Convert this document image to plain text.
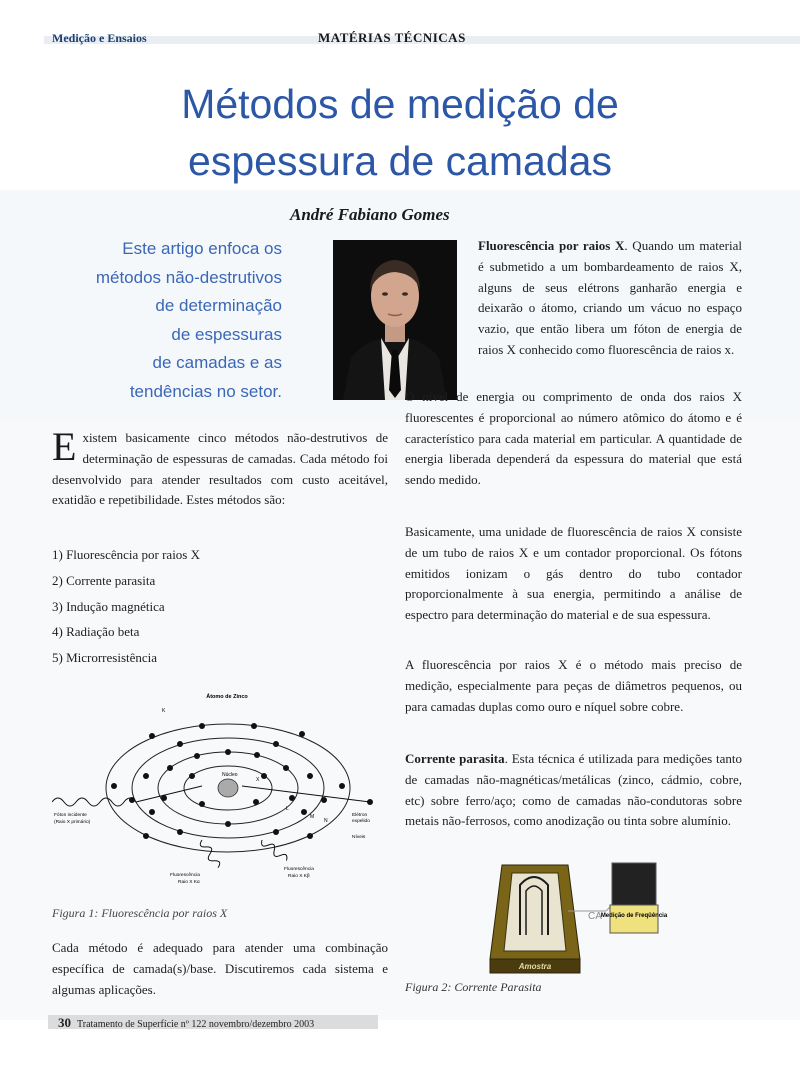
Medição e Ensaios	MATÉRIAS TÉCNICAS
Métodos de medição de
espessura de camadas
André Fabiano Gomes
Este artigo enfoca os
métodos não-destrutivos
de determinação
de espessuras
de camadas e as
tendências no setor.
Fluorescência por raios X. Quando um material é submetido a um bombardeamento de raios X, alguns de seus elétrons ganharão energia e deixarão o átomo, criando um vácuo no espaço vazio, que então libera um fóton de energia de raios X conhecido como fluorescência de raios x.
O nível de energia ou comprimento de onda dos raios X fluorescentes é proporcional ao número atômico do átomo e é característico para cada material em particular. A quantidade de energia liberada dependerá da espessura do material que está sendo medido.
Basicamente, uma unidade de fluorescência de raios X consiste de um tubo de raios X e um contador proporcional. Os fótons emitidos ionizam o gás dentro do tubo contador proporcionalmente à sua energia, permitindo a análise de espectro para determinação do material e de sua espessura.
A fluorescência por raios X é o método mais preciso de medição, especialmente para peças de diâmetros pequenos, ou para camadas duplas como ouro e níquel sobre cobre.
Corrente parasita. Esta técnica é utilizada para medições tanto de camadas não-magnéticas/metálicas (zinco, cádmio, cobre, etc) sobre ferro/aço; como de camadas não-condutoras sobre metais não-ferrosos, como anodização ou tinta sobre alumínio.
Existem basicamente cinco métodos não-destrutivos de determinação de espessuras de camadas. Cada método foi desenvolvido para atender resultados com custo aceitável, exatidão e repetibilidade. Estes métodos são:
1) Fluorescência por raios X
2) Corrente parasita
3) Indução magnética
4) Radiação beta
5) Microrresistência
Átomo de Zinco
Núcleo
K
X
L
M
N
Fóton incidente
(Raio X primário)
Elétron
expelido
Níveis
Fluorescência
Raio X Kα
Fluorescência
Raio X Kβ
Figura 1: Fluorescência por raios X
Cada método é adequado para atender uma combinação específica de camada(s)/base. Discutiremos cada sistema e algumas aplicações.
CA
Medição de Freqüência
Amostra
Figura 2: Corrente Parasita
30 Tratamento de Superfície nº 122 novembro/dezembro 2003
